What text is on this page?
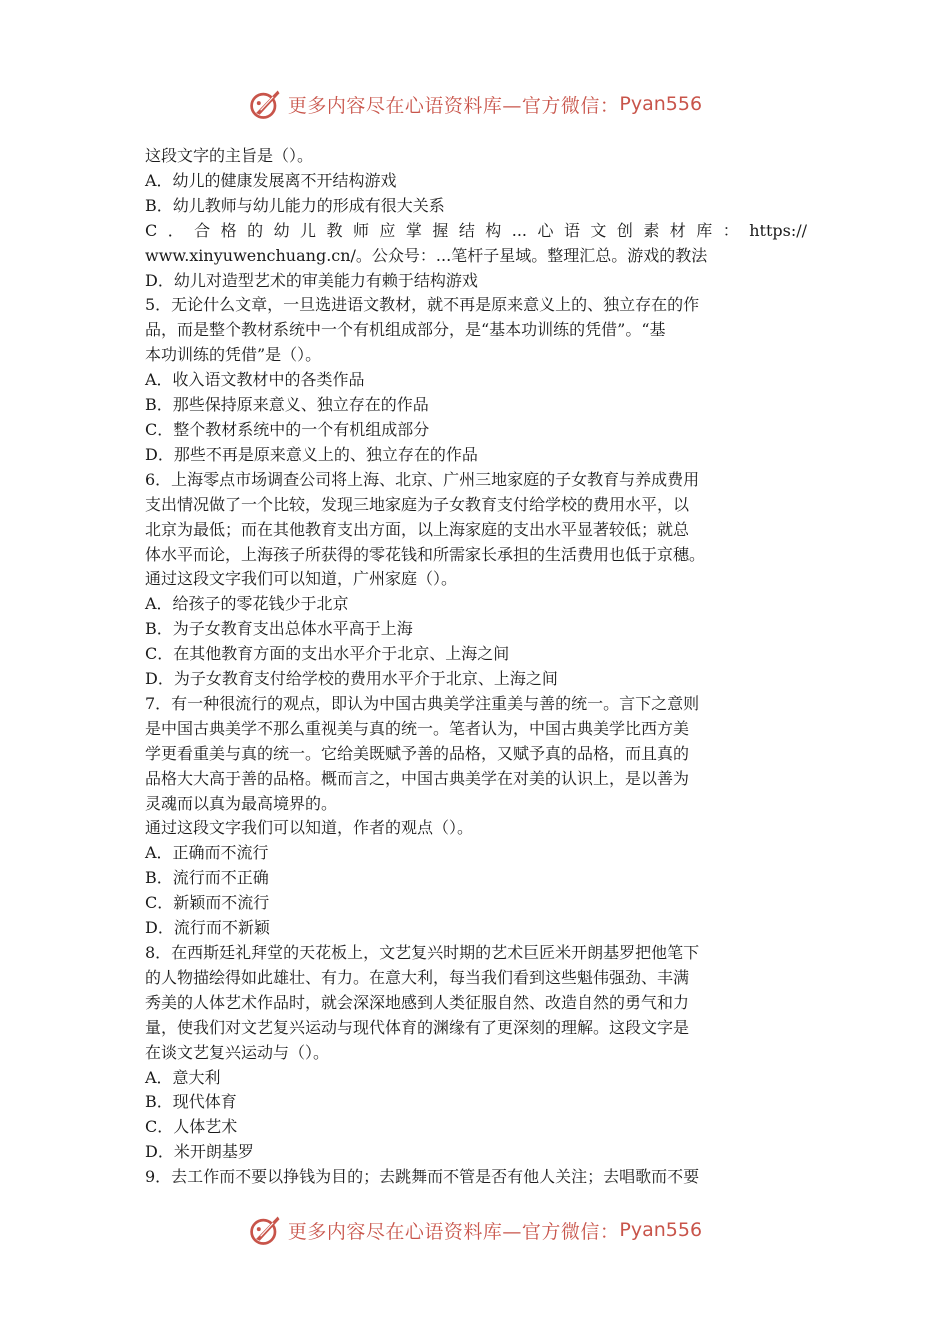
更多内容尽在心语资料库—官方微信： Pyan556

这段文字的主旨是（）。

A．幼儿的健康发展离不开结构游戏

B．幼儿教师与幼儿能力的形成有很大关系

C．合格的幼儿教师应掌握结构...心语文创素材库：https://

www.xinyuwenchuang.cn/。公众号：...笔杆子星域。整理汇总。游戏的教法

D．幼儿对造型艺术的审美能力有赖于结构游戏

5．无论什么文章，一旦选进语文教材，就不再是原来意义上的、独立存在的作

品，而是整个教材系统中一个有机组成部分，是“基本功训练的凭借”。“基

本功训练的凭借”是（）。

A．收入语文教材中的各类作品

B．那些保持原来意义、独立存在的作品

C．整个教材系统中的一个有机组成部分

D．那些不再是原来意义上的、独立存在的作品

6．上海零点市场调查公司将上海、北京、广州三地家庭的子女教育与养成费用

支出情况做了一个比较，发现三地家庭为子女教育支付给学校的费用水平，以

北京为最低；而在其他教育支出方面，以上海家庭的支出水平显著较低；就总

体水平而论，上海孩子所获得的零花钱和所需家长承担的生活费用也低于京穗。

通过这段文字我们可以知道，广州家庭（）。

A．给孩子的零花钱少于北京

B．为子女教育支出总体水平高于上海

C．在其他教育方面的支出水平介于北京、上海之间

D．为子女教育支付给学校的费用水平介于北京、上海之间

7．有一种很流行的观点，即认为中国古典美学注重美与善的统一。言下之意则

是中国古典美学不那么重视美与真的统一。笔者认为，中国古典美学比西方美

学更看重美与真的统一。它给美既赋予善的品格，又赋予真的品格，而且真的

品格大大高于善的品格。概而言之，中国古典美学在对美的认识上，是以善为

灵魂而以真为最高境界的。

通过这段文字我们可以知道，作者的观点（）。

A．正确而不流行

B．流行而不正确

C．新颖而不流行

D．流行而不新颖

8．在西斯廷礼拜堂的天花板上，文艺复兴时期的艺术巨匠米开朗基罗把他笔下

的人物描绘得如此雄壮、有力。在意大利，每当我们看到这些魁伟强劲、丰满

秀美的人体艺术作品时，就会深深地感到人类征服自然、改造自然的勇气和力

量，使我们对文艺复兴运动与现代体育的渊缘有了更深刻的理解。这段文字是

在谈文艺复兴运动与（）。

A．意大利

B．现代体育

C．人体艺术

D．米开朗基罗

9．去工作而不要以挣钱为目的；去跳舞而不管是否有他人关注；去唱歌而不要

更多内容尽在心语资料库—官方微信： Pyan556
